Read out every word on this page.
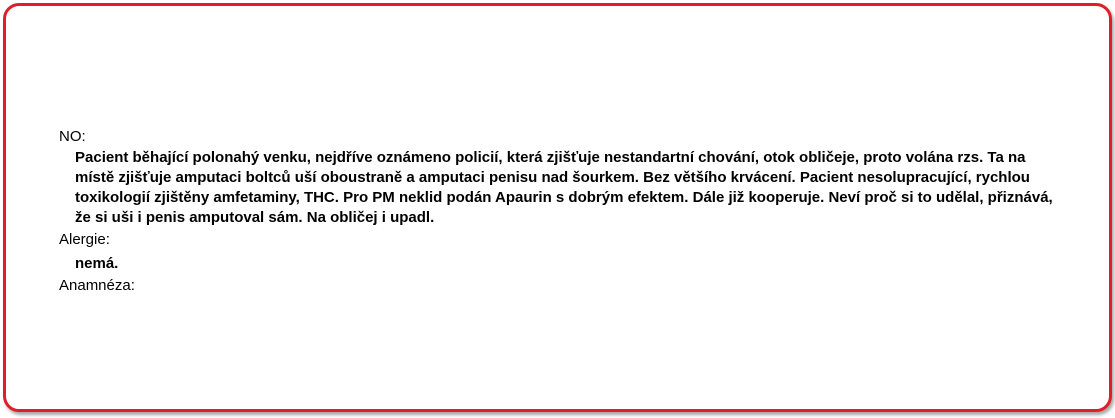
NO:
Pacient běhající polonahý venku, nejdříve oznámeno policií, která zjišťuje nestandartní chování, otok obličeje, proto volána rzs. Ta na místě zjišťuje amputaci boltců uší oboustraně a amputaci penisu nad šourkem. Bez většího krvácení. Pacient nesolupracující, rychlou toxikologií zjištěny amfetaminy, THC. Pro PM neklid podán Apaurin s dobrým efektem. Dále již kooperuje. Neví proč si to udělal, přiznává, že si uši i penis amputoval sám. Na obličej i upadl.
Alergie:
nemá.
Anamnéza:
